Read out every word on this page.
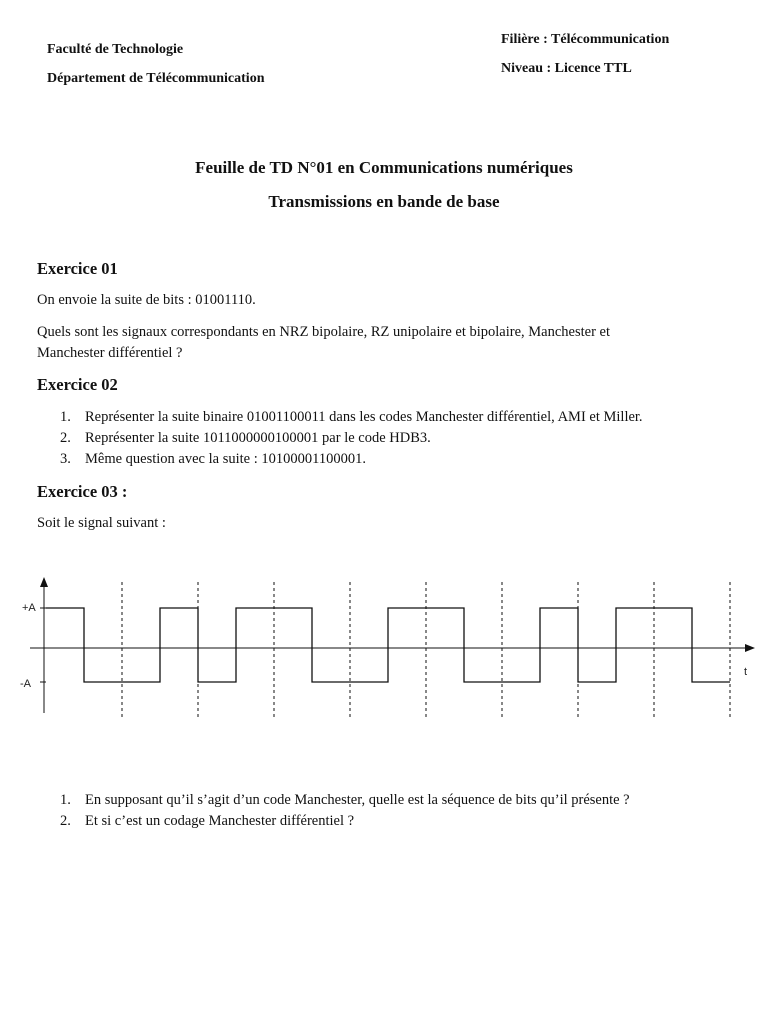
Faculté de Technologie
Département de Télécommunication
Filière : Télécommunication
Niveau : Licence TTL
Feuille de TD N°01 en Communications numériques
Transmissions en bande de base
Exercice 01
On envoie la suite de bits : 01001110.
Quels sont les signaux correspondants en NRZ bipolaire, RZ unipolaire et bipolaire, Manchester et
Manchester différentiel ?
Exercice 02
1. Représenter la suite binaire 01001100011 dans les codes Manchester différentiel, AMI et Miller.
2. Représenter la suite 1011000000100001 par le code HDB3.
3. Même question avec la suite : 10100001100001.
Exercice 03 :
Soit le signal suivant :
+A
-A
t
1. En supposant qu’il s’agit d’un code Manchester, quelle est la séquence de bits qu’il présente ?
2. Et si c’est un codage Manchester différentiel ?
